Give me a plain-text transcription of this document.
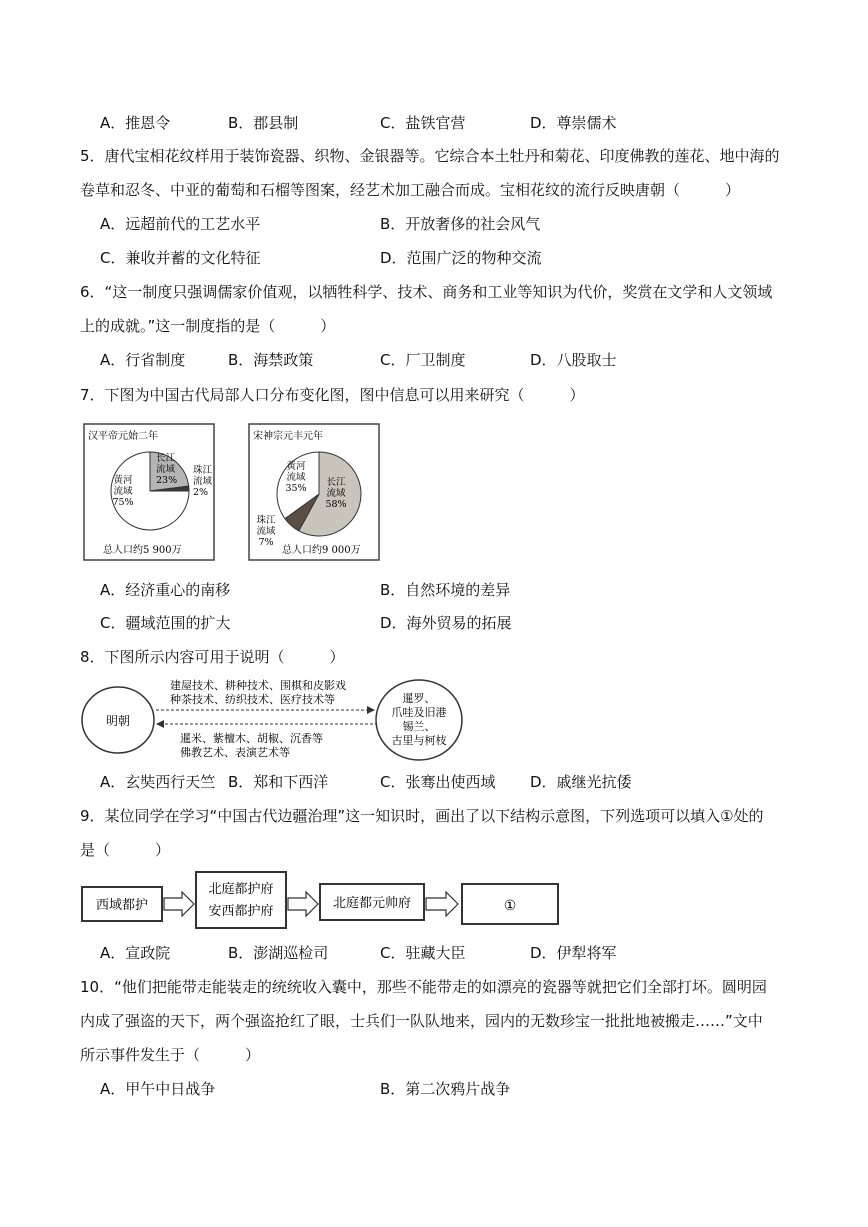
A．推恩令	B．郡县制	C．盐铁官营	D．尊崇儒术
5．唐代宝相花纹样用于装饰瓷器、织物、金银器等。它综合本土牡丹和菊花、印度佛教的莲花、地中海的
卷草和忍冬、中亚的葡萄和石榴等图案，经艺术加工融合而成。宝相花纹的流行反映唐朝（　　　）
A．远超前代的工艺水平	B．开放奢侈的社会风气
C．兼收并蓄的文化特征	D．范围广泛的物种交流
6．“这一制度只强调儒家价值观，以牺牲科学、技术、商务和工业等知识为代价，奖赏在文学和人文领域
上的成就。”这一制度指的是（　　　）
A．行省制度	B．海禁政策	C．厂卫制度	D．八股取士
7．下图为中国古代局部人口分布变化图，图中信息可以用来研究（　　　）
汉平帝元始二年
黄河
流域
75%
长江
流域
23%
珠江
流域
2%
总人口约5 900万
宋神宗元丰元年
黄河
流域
35%
长江
流域
58%
珠江
流域
7%
总人口约9 000万
A．经济重心的南移	B．自然环境的差异
C．疆域范围的扩大	D．海外贸易的拓展
8．下图所示内容可用于说明（　　　）
明朝
暹罗、
爪哇及旧港
锡兰、
古里与柯枝
建屋技术、耕种技术、围棋和皮影戏
种茶技术、纺织技术、医疗技术等
暹米、紫檀木、胡椒、沉香等
佛教艺术、表演艺术等
A．玄奘西行天竺 B．郑和下西洋	C．张骞出使西域 D．戚继光抗倭
9．某位同学在学习“中国古代边疆治理”这一知识时，画出了以下结构示意图，下列选项可以填入①处的
是（　　　）
西域都护
北庭都护府
安西都护府
北庭都元帅府	①
A．宣政院	B．澎湖巡检司	C．驻藏大臣	D．伊犁将军
10．“他们把能带走能装走的统统收入囊中，那些不能带走的如漂亮的瓷器等就把它们全部打坏。圆明园
内成了强盗的天下，两个强盗抢红了眼，士兵们一队队地来，园内的无数珍宝一批批地被搬走……”文中
所示事件发生于（　　　）
A．甲午中日战争	B．第二次鸦片战争
